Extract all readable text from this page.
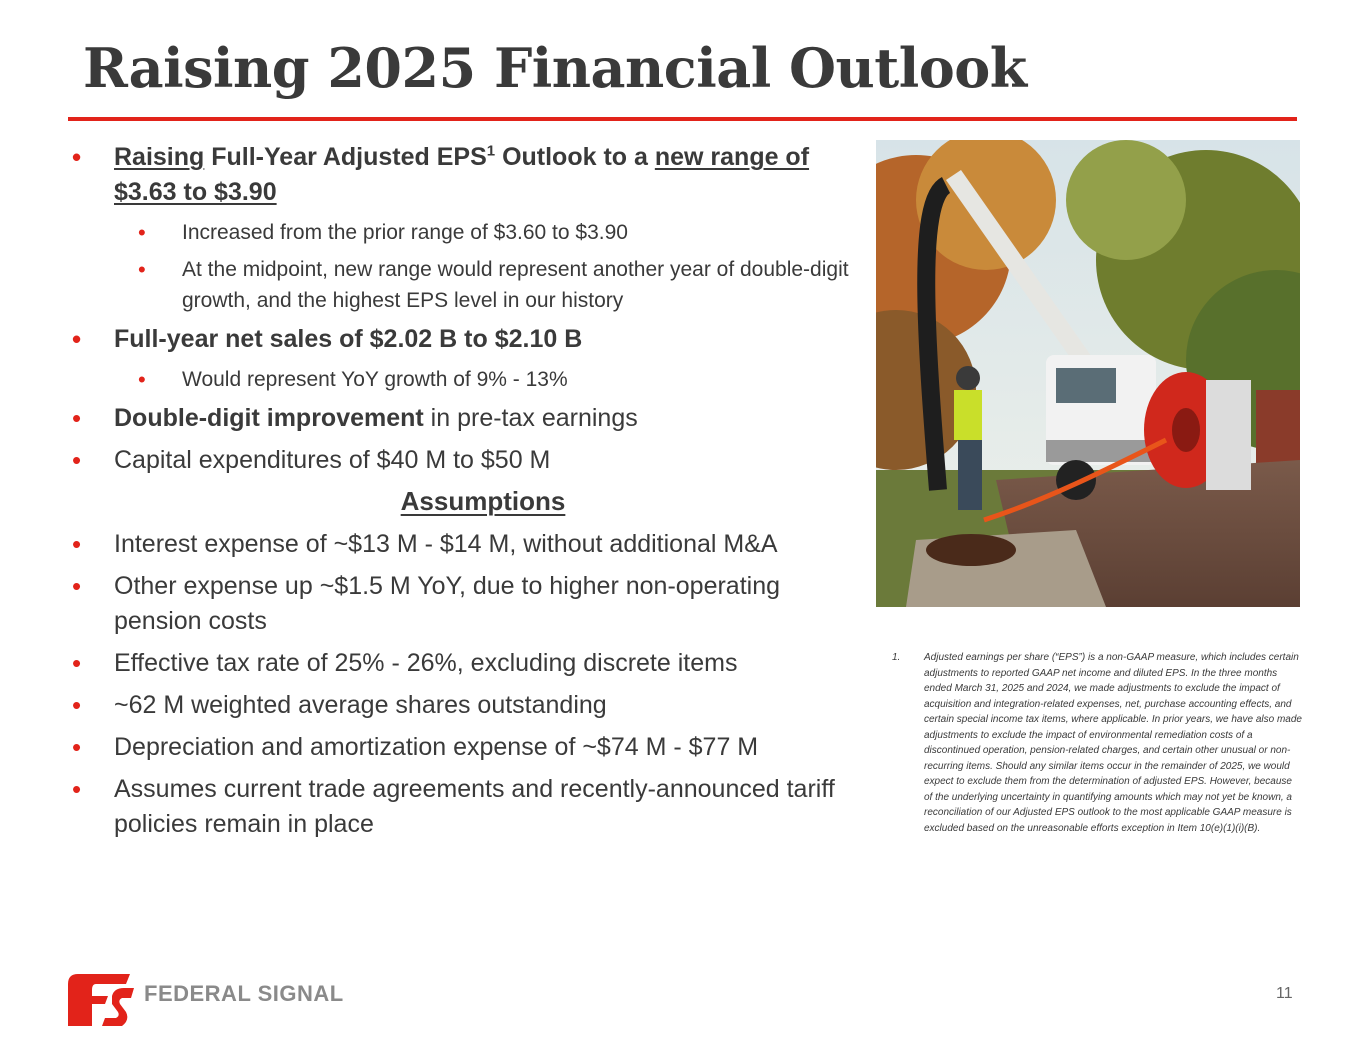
Raising 2025 Financial Outlook
• Raising Full-Year Adjusted EPS$^1$ Outlook to a new range of $3.63 to $3.90
• Increased from the prior range of $3.60 to $3.90
• At the midpoint, new range would represent another year of double-digit growth, and the highest EPS level in our history
• Full-year net sales of $2.02 B to $2.10 B
• Would represent YoY growth of 9% - 13%
• Double-digit improvement in pre-tax earnings
• Capital expenditures of $40 M to $50 M
Assumptions
• Interest expense of ~$13 M - $14 M, without additional M&A
• Other expense up ~$1.5 M YoY, due to higher non-operating pension costs
• Effective tax rate of 25% - 26%, excluding discrete items
• ~62 M weighted average shares outstanding
• Depreciation and amortization expense of ~$74 M - $77 M
• Assumes current trade agreements and recently-announced tariff policies remain in place
1. Adjusted earnings per share (“EPS”) is a non-GAAP measure, which includes certain adjustments to reported GAAP net income and diluted EPS. In the three months ended March 31, 2025 and 2024, we made adjustments to exclude the impact of acquisition and integration-related expenses, net, purchase accounting effects, and certain special income tax items, where applicable. In prior years, we have also made adjustments to exclude the impact of environmental remediation costs of a discontinued operation, pension-related charges, and certain other unusual or non-recurring items. Should any similar items occur in the remainder of 2025, we would expect to exclude them from the determination of adjusted EPS. However, because of the underlying uncertainty in quantifying amounts which may not yet be known, a reconciliation of our Adjusted EPS outlook to the most applicable GAAP measure is excluded based on the unreasonable efforts exception in Item 10(e)(1)(i)(B).
FEDERAL SIGNAL	11
